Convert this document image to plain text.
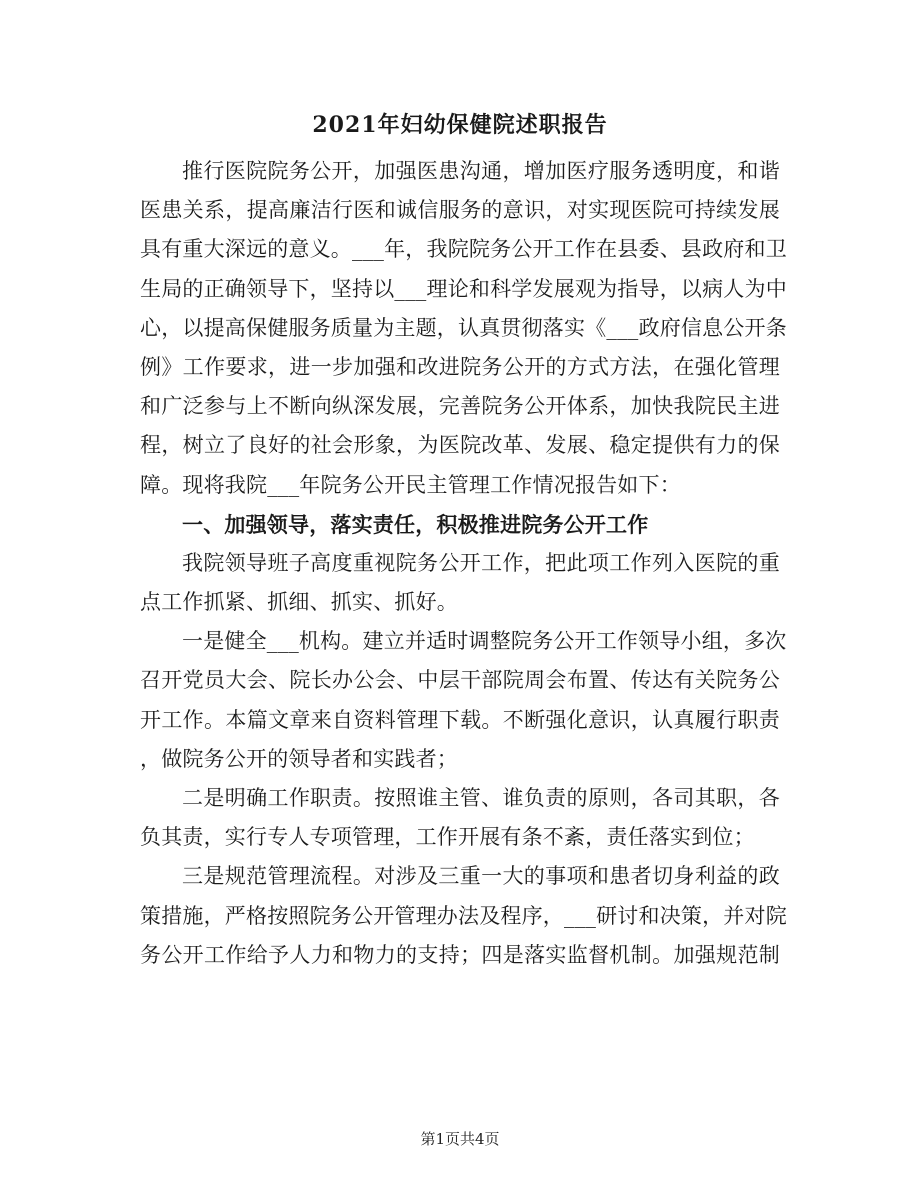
2021年妇幼保健院述职报告

推行医院院务公开，加强医患沟通，增加医疗服务透明度，和谐

医患关系，提高廉洁行医和诚信服务的意识，对实现医院可持续发展

具有重大深远的意义。___年，我院院务公开工作在县委、县政府和卫

生局的正确领导下，坚持以___理论和科学发展观为指导，以病人为中

心，以提高保健服务质量为主题，认真贯彻落实《___政府信息公开条

例》工作要求，进一步加强和改进院务公开的方式方法，在强化管理

和广泛参与上不断向纵深发展，完善院务公开体系，加快我院民主进

程，树立了良好的社会形象，为医院改革、发展、稳定提供有力的保

障。现将我院___年院务公开民主管理工作情况报告如下：

一、加强领导，落实责任，积极推进院务公开工作

我院领导班子高度重视院务公开工作，把此项工作列入医院的重

点工作抓紧、抓细、抓实、抓好。

一是健全___机构。建立并适时调整院务公开工作领导小组，多次

召开党员大会、院长办公会、中层干部院周会布置、传达有关院务公

开工作。本篇文章来自资料管理下载。不断强化意识，认真履行职责

，做院务公开的领导者和实践者；

二是明确工作职责。按照谁主管、谁负责的原则，各司其职，各

负其责，实行专人专项管理，工作开展有条不紊，责任落实到位；

三是规范管理流程。对涉及三重一大的事项和患者切身利益的政

策措施，严格按照院务公开管理办法及程序，___研讨和决策，并对院

务公开工作给予人力和物力的支持；四是落实监督机制。加强规范制

第1页共4页
